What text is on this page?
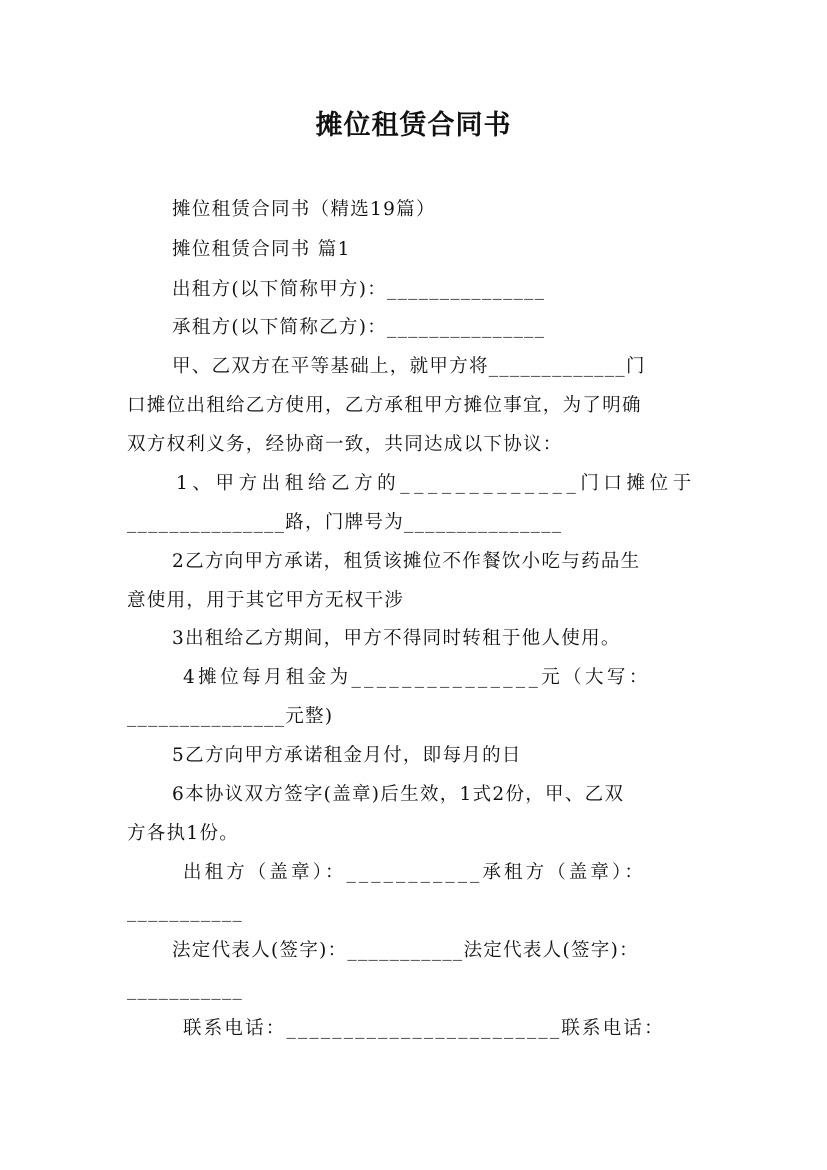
摊位租赁合同书
摊位租赁合同书（精选19篇）
摊位租赁合同书 篇1
出租方(以下简称甲方)：_______________
承租方(以下简称乙方)：_______________
甲、乙双方在平等基础上，就甲方将_____________门
口摊位出租给乙方使用，乙方承租甲方摊位事宜，为了明确
双方权利义务，经协商一致，共同达成以下协议：
1、甲方出租给乙方的_____________门口摊位于
_______________路，门牌号为_______________
2乙方向甲方承诺，租赁该摊位不作餐饮小吃与药品生
意使用，用于其它甲方无权干涉
3出租给乙方期间，甲方不得同时转租于他人使用。
4摊位每月租金为_______________元（大写：
_______________元整)
5乙方向甲方承诺租金月付，即每月的日
6本协议双方签字(盖章)后生效，1式2份，甲、乙双
方各执1份。
出租方（盖章）：___________承租方（盖章）：
___________
法定代表人(签字)：___________法定代表人(签字)：
___________
联系电话：________________________联系电话：
